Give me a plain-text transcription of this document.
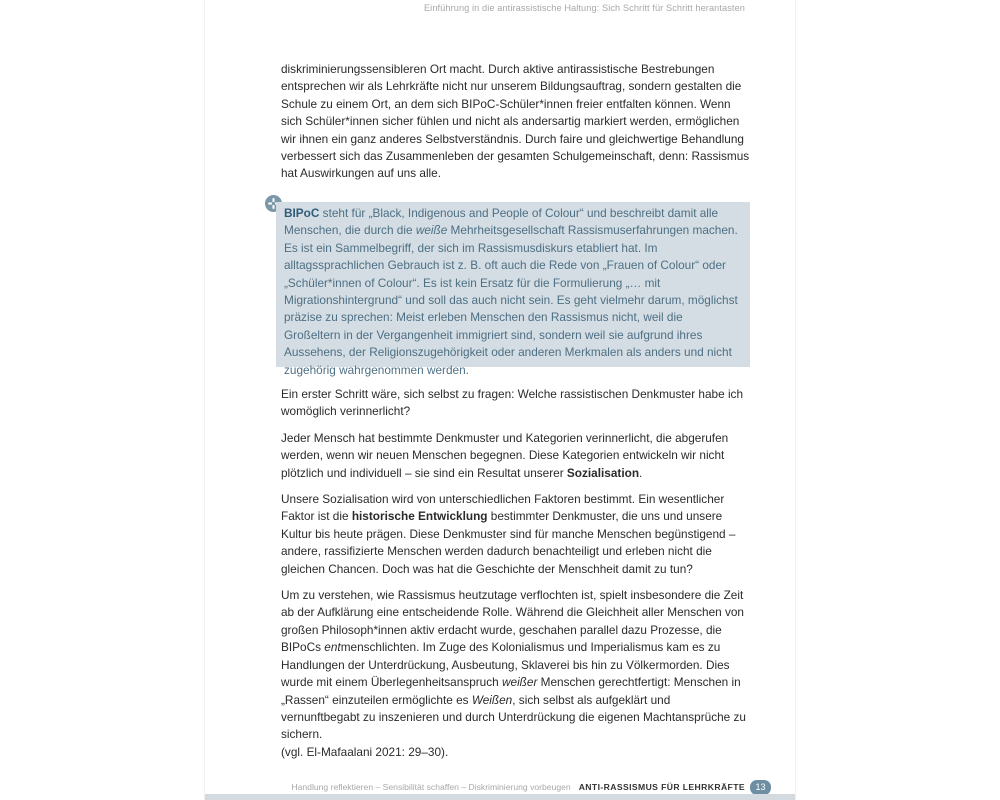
Einführung in die antirassistische Haltung: Sich Schritt für Schritt herantasten

diskriminierungssensibleren Ort macht. Durch aktive antirassistische Bestrebungen entsprechen wir als Lehrkräfte nicht nur unserem Bildungsauftrag, sondern gestalten die Schule zu einem Ort, an dem sich BIPoC-Schüler*innen freier entfalten können. Wenn sich Schüler*innen sicher fühlen und nicht als andersartig markiert werden, ermöglichen wir ihnen ein ganz anderes Selbstverständnis. Durch faire und gleichwertige Behandlung verbessert sich das Zusammenleben der gesamten Schulgemeinschaft, denn: Rassismus hat Auswirkungen auf uns alle.

BIPoC steht für „Black, Indigenous and People of Colour“ und beschreibt damit alle Menschen, die durch die weiße Mehrheitsgesellschaft Rassismuserfahrungen machen. Es ist ein Sammelbegriff, der sich im Rassismusdiskurs etabliert hat. Im alltagssprachlichen Gebrauch ist z. B. oft auch die Rede von „Frauen of Colour“ oder „Schüler*innen of Colour“. Es ist kein Ersatz für die Formulierung „… mit Migrationshintergrund“ und soll das auch nicht sein. Es geht vielmehr darum, möglichst präzise zu sprechen: Meist erleben Menschen den Rassismus nicht, weil die Großeltern in der Vergangenheit immigriert sind, sondern weil sie aufgrund ihres Aussehens, der Religionszugehörigkeit oder anderen Merkmalen als anders und nicht zugehörig wahrgenommen werden.

Ein erster Schritt wäre, sich selbst zu fragen: Welche rassistischen Denkmuster habe ich womöglich verinnerlicht?

Jeder Mensch hat bestimmte Denkmuster und Kategorien verinnerlicht, die abgerufen werden, wenn wir neuen Menschen begegnen. Diese Kategorien entwickeln wir nicht plötzlich und individuell – sie sind ein Resultat unserer Sozialisation.

Unsere Sozialisation wird von unterschiedlichen Faktoren bestimmt. Ein wesentlicher Faktor ist die historische Entwicklung bestimmter Denkmuster, die uns und unsere Kultur bis heute prägen. Diese Denkmuster sind für manche Menschen begünstigend – andere, rassifizierte Menschen werden dadurch benachteiligt und erleben nicht die gleichen Chancen. Doch was hat die Geschichte der Menschheit damit zu tun?

Um zu verstehen, wie Rassismus heutzutage verflochten ist, spielt insbesondere die Zeit ab der Aufklärung eine entscheidende Rolle. Während die Gleichheit aller Menschen von großen Philosoph*innen aktiv erdacht wurde, geschahen parallel dazu Prozesse, die BIPoCs entmenschlichten. Im Zuge des Kolonialismus und Imperialismus kam es zu Handlungen der Unterdrückung, Ausbeutung, Sklaverei bis hin zu Völkermorden. Dies wurde mit einem Überlegenheitsanspruch weißer Menschen gerechtfertigt: Menschen in „Rassen“ einzuteilen ermöglichte es Weißen, sich selbst als aufgeklärt und vernunftbegabt zu inszenieren und durch Unterdrückung die eigenen Machtansprüche zu sichern.
(vgl. El-Mafaalani 2021: 29–30).

Handlung reflektieren – Sensibilität schaffen – Diskriminierung vorbeugen ANTI-RASSISMUS FÜR LEHRKRÄFTE	13
